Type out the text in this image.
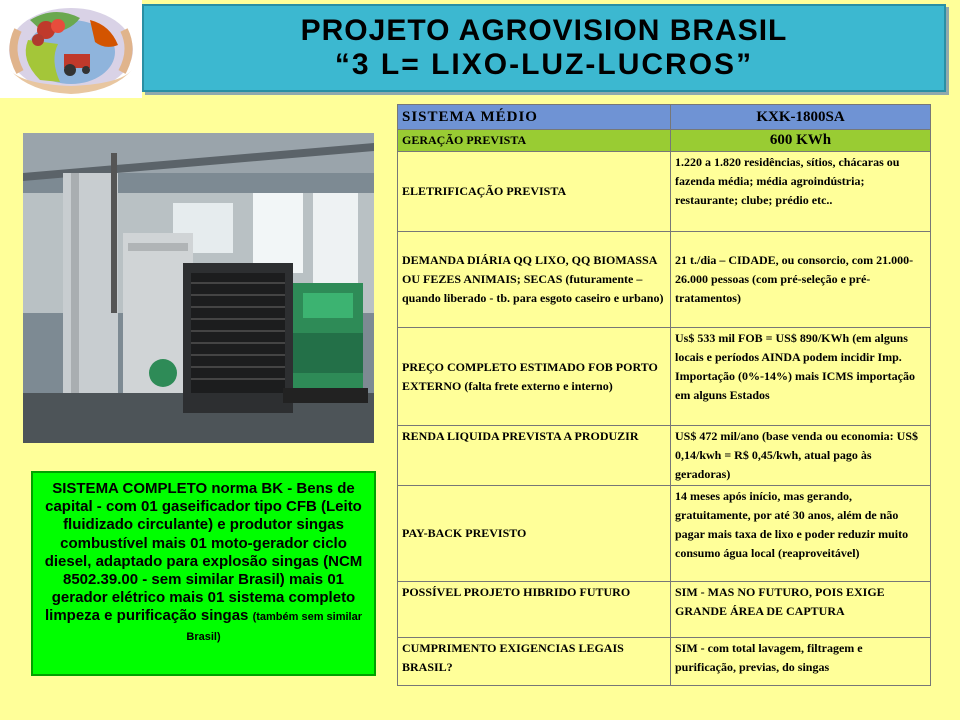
PROJETO AGROVISION BRASIL
“3 L= LIXO-LUZ-LUCROS”
SISTEMA COMPLETO norma BK - Bens de capital - com 01 gaseificador tipo CFB (Leito fluidizado circulante) e produtor singas combustível mais 01 moto-gerador ciclo diesel, adaptado para explosão singas (NCM 8502.39.00 - sem similar Brasil) mais 01 gerador elétrico mais 01 sistema completo limpeza e purificação singas (também sem similar Brasil)
SISTEMA MÉDIO	KXK-1800SA
GERAÇÃO PREVISTA	600 KWh
ELETRIFICAÇÃO PREVISTA	1.220 a 1.820 residências, sítios, chácaras ou fazenda média; média agroindústria; restaurante; clube; prédio etc..
DEMANDA DIÁRIA QQ LIXO, QQ BIOMASSA OU FEZES ANIMAIS; SECAS (futuramente – quando liberado - tb. para esgoto caseiro e urbano)	21 t./dia – CIDADE, ou consorcio, com 21.000-26.000 pessoas (com pré-seleção e pré-tratamentos)
PREÇO COMPLETO ESTIMADO FOB PORTO EXTERNO (falta frete externo e interno)	Us$ 533 mil FOB = US$ 890/KWh (em alguns locais e períodos AINDA podem incidir Imp. Importação (0%-14%) mais ICMS importação em alguns Estados
RENDA LIQUIDA PREVISTA A PRODUZIR	US$ 472 mil/ano (base venda ou economia: US$ 0,14/kwh = R$ 0,45/kwh, atual pago às geradoras)
PAY-BACK PREVISTO	14 meses após início, mas gerando, gratuitamente, por até 30 anos, além de não pagar mais taxa de lixo e poder reduzir muito consumo água local (reaproveitável)
POSSÍVEL PROJETO HIBRIDO FUTURO	SIM - MAS NO FUTURO, POIS EXIGE GRANDE ÁREA DE CAPTURA
CUMPRIMENTO EXIGENCIAS LEGAIS BRASIL?	SIM - com total lavagem, filtragem e purificação, previas, do singas
